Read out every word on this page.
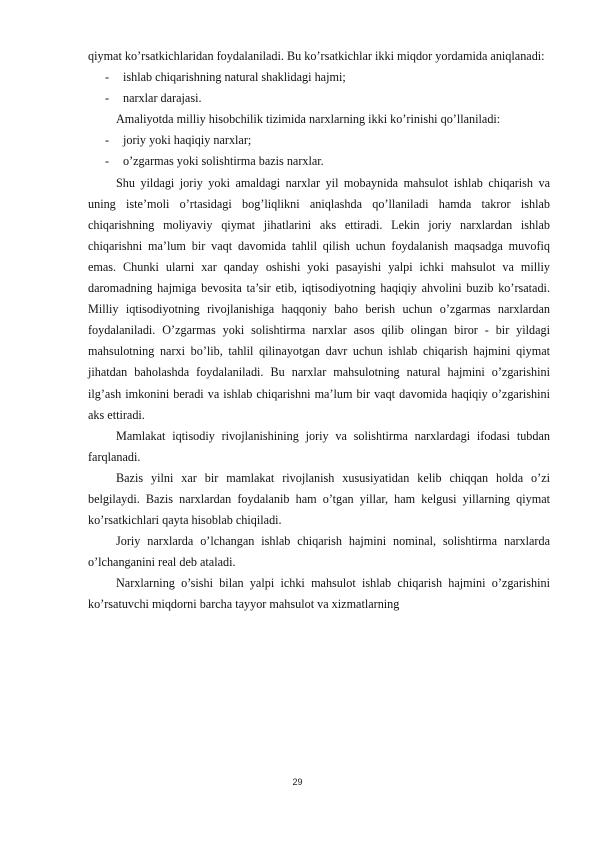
qiymat ko’rsatkichlaridan foydalaniladi. Bu ko’rsatkichlar ikki miqdor yordamida aniqlanadi:

- ishlab chiqarishning natural shaklidagi hajmi;

- narxlar darajasi.

Amaliyotda milliy hisobchilik tizimida narxlarning ikki ko’rinishi qo’llaniladi:

- joriy yoki haqiqiy narxlar;

- o’zgarmas yoki solishtirma bazis narxlar.

Shu yildagi joriy yoki amaldagi narxlar yil mobaynida mahsulot ishlab chiqarish va uning iste’moli o’rtasidagi bog’liqlikni aniqlashda qo’llaniladi hamda takror ishlab chiqarishning moliyaviy qiymat jihatlarini aks ettiradi. Lekin joriy narxlardan ishlab chiqarishni ma’lum bir vaqt davomida tahlil qilish uchun foydalanish maqsadga muvofiq emas. Chunki ularni xar qanday oshishi yoki pasayishi yalpi ichki mahsulot va milliy daromadning hajmiga bevosita ta’sir etib, iqtisodiyotning haqiqiy ahvolini buzib ko’rsatadi. Milliy iqtisodiyotning rivojlanishiga haqqoniy baho berish uchun o’zgarmas narxlardan foydalaniladi. O’zgarmas yoki solishtirma narxlar asos qilib olingan biror - bir yildagi mahsulotning narxi bo’lib, tahlil qilinayotgan davr uchun ishlab chiqarish hajmini qiymat jihatdan baholashda foydalaniladi. Bu narxlar mahsulotning natural hajmini o’zgarishini ilg’ash imkonini beradi va ishlab chiqarishni ma’lum bir vaqt davomida haqiqiy o’zgarishini aks ettiradi.

Mamlakat iqtisodiy rivojlanishining joriy va solishtirma narxlardagi ifodasi tubdan farqlanadi.

Bazis yilni xar bir mamlakat rivojlanish xususiyatidan kelib chiqqan holda o’zi belgilaydi. Bazis narxlardan foydalanib ham o’tgan yillar, ham kelgusi yillarning qiymat ko’rsatkichlari qayta hisoblab chiqiladi.

Joriy narxlarda o’lchangan ishlab chiqarish hajmini nominal, solishtirma narxlarda o’lchanganini real deb ataladi.

Narxlarning o’sishi bilan yalpi ichki mahsulot ishlab chiqarish hajmini o’zgarishini ko’rsatuvchi miqdorni barcha tayyor mahsulot va xizmatlarning

29
